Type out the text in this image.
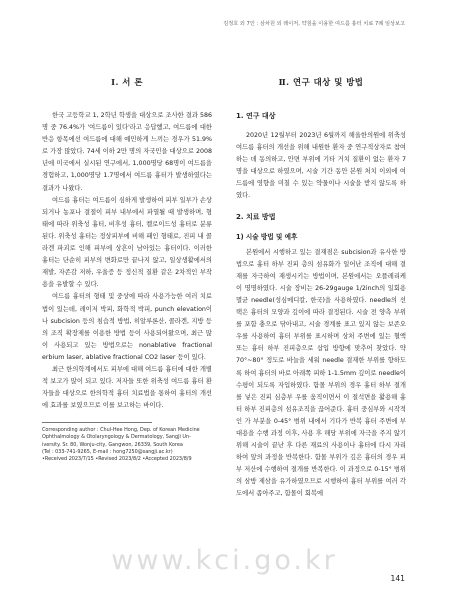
김정호 외 7인 : 삼차원 외 레이저, 약침을 이용한 여드름 흉터 치료 7례 임상보고
Ⅰ. 서 론

한국 고등학교 1, 2학년 학생을 대상으로 조사한 결과 586명 중 76.4%가 '여드름이 있다'라고 응답했고, 여드름에 대한 반응 항목에선 여드름에 대해 예민하게 느끼는 경우가 51.9%로 가장 많았다. 74세 이하 2만 명의 자국민을 대상으로 2008년에 미국에서 실시된 연구에서, 1,000명당 68명이 여드름을 경험하고, 1,000명당 1.7명에서 여드름 흉터가 발생하였다는 결과가 나왔다.

여드름 흉터는 여드름이 심하게 발생하여 피부 일부가 손상되거나 농포나 결절이 피부 내부에서 파열될 때 발생하며, 형태에 따라 위축성 흉터, 비후성 흉터, 켈로이드성 흉터로 분류된다. 위축성 흉터는 정상피부에 비해 패인 형태로, 진피 내 콜라겐 파괴로 인해 피부에 상흔이 남아있는 흉터이다. 이러한 흉터는 단순히 피부의 변화로만 끝나지 않고, 일상생활에서의 재발, 자존감 저하, 우울증 등 정신적 질환 같은 2차적인 부작용을 유발할 수 있다.

여드름 흉터의 형태 및 중상에 따라 사용가능한 여러 치료법이 있는데, 레이저 박피, 화학적 박피, punch elevation이나 subcision 등의 침습적 방법, 히알루론산, 콜라겐, 지방 등의 조직 확장제를 이용한 방법 등이 사용되어왔으며, 최근 많이 사용되고 있는 방법으로는 nonablative fractional erbium laser, ablative fractional CO2 laser 등이 있다.

최근 한의학계에서도 피부에 대해 여드름 흉터에 대한 개별적 보고가 많이 되고 있다. 저자들 또한 위축성 여드름 흉터 환자들을 대상으로 한의학적 흉터 치료법을 통하여 흉터의 개선에 효과를 보였으므로 이를 보고하는 바이다.

Corresponding author : Chul-Hee Hong, Dep. of Korean Medicine
Ophthalmology & Otolaryngology & Dermatology, SangJi Un-
iversity. Sr. 80, Wonju-city, Gangwon, 26339, South Korea
(Tel : 033-741-9265, E-mail : hong7250@sangji.ac.kr)
•Received 2023/7/15 •Revised 2023/8/2 •Accepted 2023/8/9
Ⅱ. 연구 대상 및 방법
1. 연구 대상

2020년 12월부터 2023년 6월까지 해올한의원에 위축성 여드름 흉터의 개선을 위해 내원한 환자 중 연구적상자로 참여하는 데 동의하고, 안면 부위에 기타 거치 질환이 없는 환자 7명을 대상으로 하였으며, 시술 기간 동안 본원 처치 이외에 여드름에 영향을 미칠 수 있는 약물이나 시술을 받지 않도록 하였다.

2. 치료 방법
1) 시술 방법 및 예후

본원에서 시행하고 있는 결재점은 subcision과 유사한 방법으로 흉터 하부 진피 층의 섬유화가 일어난 조직에 대해 결재를 자극하여 재생시키는 방법이며, 본원에서는 오플레리케이 명명하였다. 시술 장비는 26-29gauge 1/2inch의 일회용 멸균 needle(성심메디칼, 한국)을 사용하였다. needle의 선택은 흉터의 모양과 깊이에 따라 결정된다. 시술 전 양측 부위를 포함 충으로 닦아내고, 시술 경계를 표고 있지 않는 보존오우를 사용하여 흉터 부위를 표시하며 상처 주변에 있는 혈액 또는 흉터 하부 진피층으로 삽입 방향에 맞추어 찾았다. 약 70°~80° 정도로 바늘을 세워 needle 결재한 부위를 향하도록 하여 흉터의 바로 아래쪽 피하 1-1.5mm 깊이로 needle이 수평이 되도록 자입하였다. 함몰 부위의 경우 흉터 하부 절개를 넣은 진피 심층부 우를 움직이면서 이 절석면을 활용해 흉터 하부 진피층의 섬유조직을 끊어준다. 흉터 중심부와 시작적인 가 부분을 0-45° 범위 내에서 기다가 반복 흉터 주변에 부대용을 수행 과정 이후, 사용 후 해당 부위에 자극을 주지 않기 위해 시술이 끝난 후 다른 재료의 사용이나 흉터에 다시 자리하여 앞의 과정을 반복한다. 함몰 부위가 깊은 흉터의 경우 피부 저산에 수행하여 절개를 반복한다. 이 과정으로 0-15° 범위의 삼방 제삼을 유가하였으므로 시행하여 흉터 부위를 여러 각도에서 좁아주고, 함몰이 회복에

www.kci.go.kr
141
